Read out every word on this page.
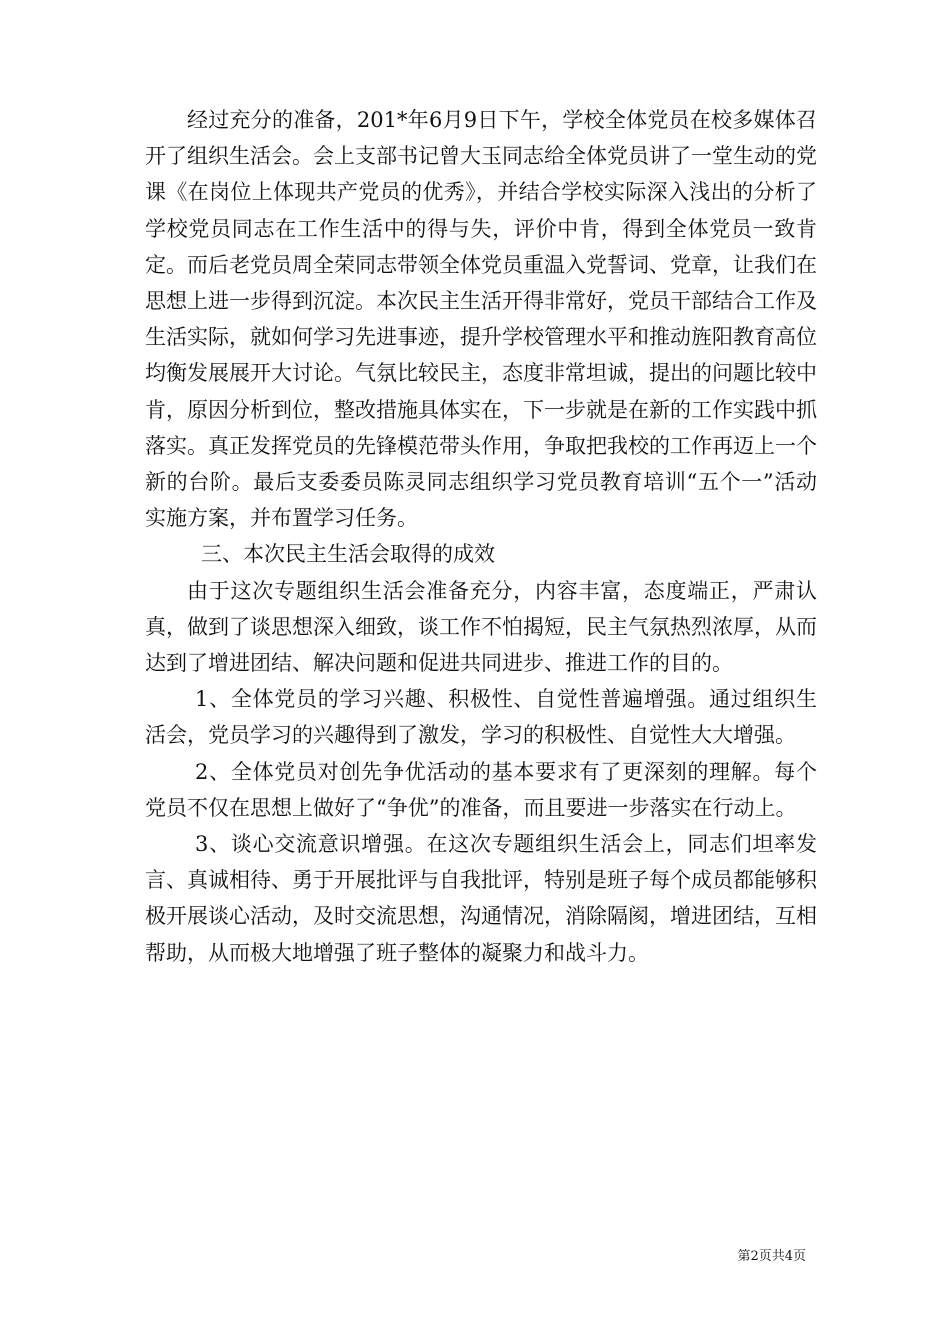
经过充分的准备，201*年6月9日下午，学校全体党员在校多媒体召开了组织生活会。会上支部书记曾大玉同志给全体党员讲了一堂生动的党课《在岗位上体现共产党员的优秀》，并结合学校实际深入浅出的分析了学校党员同志在工作生活中的得与失，评价中肯，得到全体党员一致肯定。而后老党员周全荣同志带领全体党员重温入党誓词、党章，让我们在思想上进一步得到沉淀。本次民主生活开得非常好，党员干部结合工作及生活实际，就如何学习先进事迹，提升学校管理水平和推动旌阳教育高位均衡发展展开大讨论。气氛比较民主，态度非常坦诚，提出的问题比较中肯，原因分析到位，整改措施具体实在，下一步就是在新的工作实践中抓落实。真正发挥党员的先锋模范带头作用，争取把我校的工作再迈上一个新的台阶。最后支委委员陈灵同志组织学习党员教育培训“五个一”活动实施方案，并布置学习任务。

三、本次民主生活会取得的成效

由于这次专题组织生活会准备充分，内容丰富，态度端正，严肃认真，做到了谈思想深入细致，谈工作不怕揭短，民主气氛热烈浓厚，从而达到了增进团结、解决问题和促进共同进步、推进工作的目的。

1、全体党员的学习兴趣、积极性、自觉性普遍增强。通过组织生活会，党员学习的兴趣得到了激发，学习的积极性、自觉性大大增强。

2、全体党员对创先争优活动的基本要求有了更深刻的理解。每个党员不仅在思想上做好了“争优”的准备，而且要进一步落实在行动上。

3、谈心交流意识增强。在这次专题组织生活会上，同志们坦率发言、真诚相待、勇于开展批评与自我批评，特别是班子每个成员都能够积极开展谈心活动，及时交流思想，沟通情况，消除隔阂，增进团结，互相帮助，从而极大地增强了班子整体的凝聚力和战斗力。

第2页共4页
